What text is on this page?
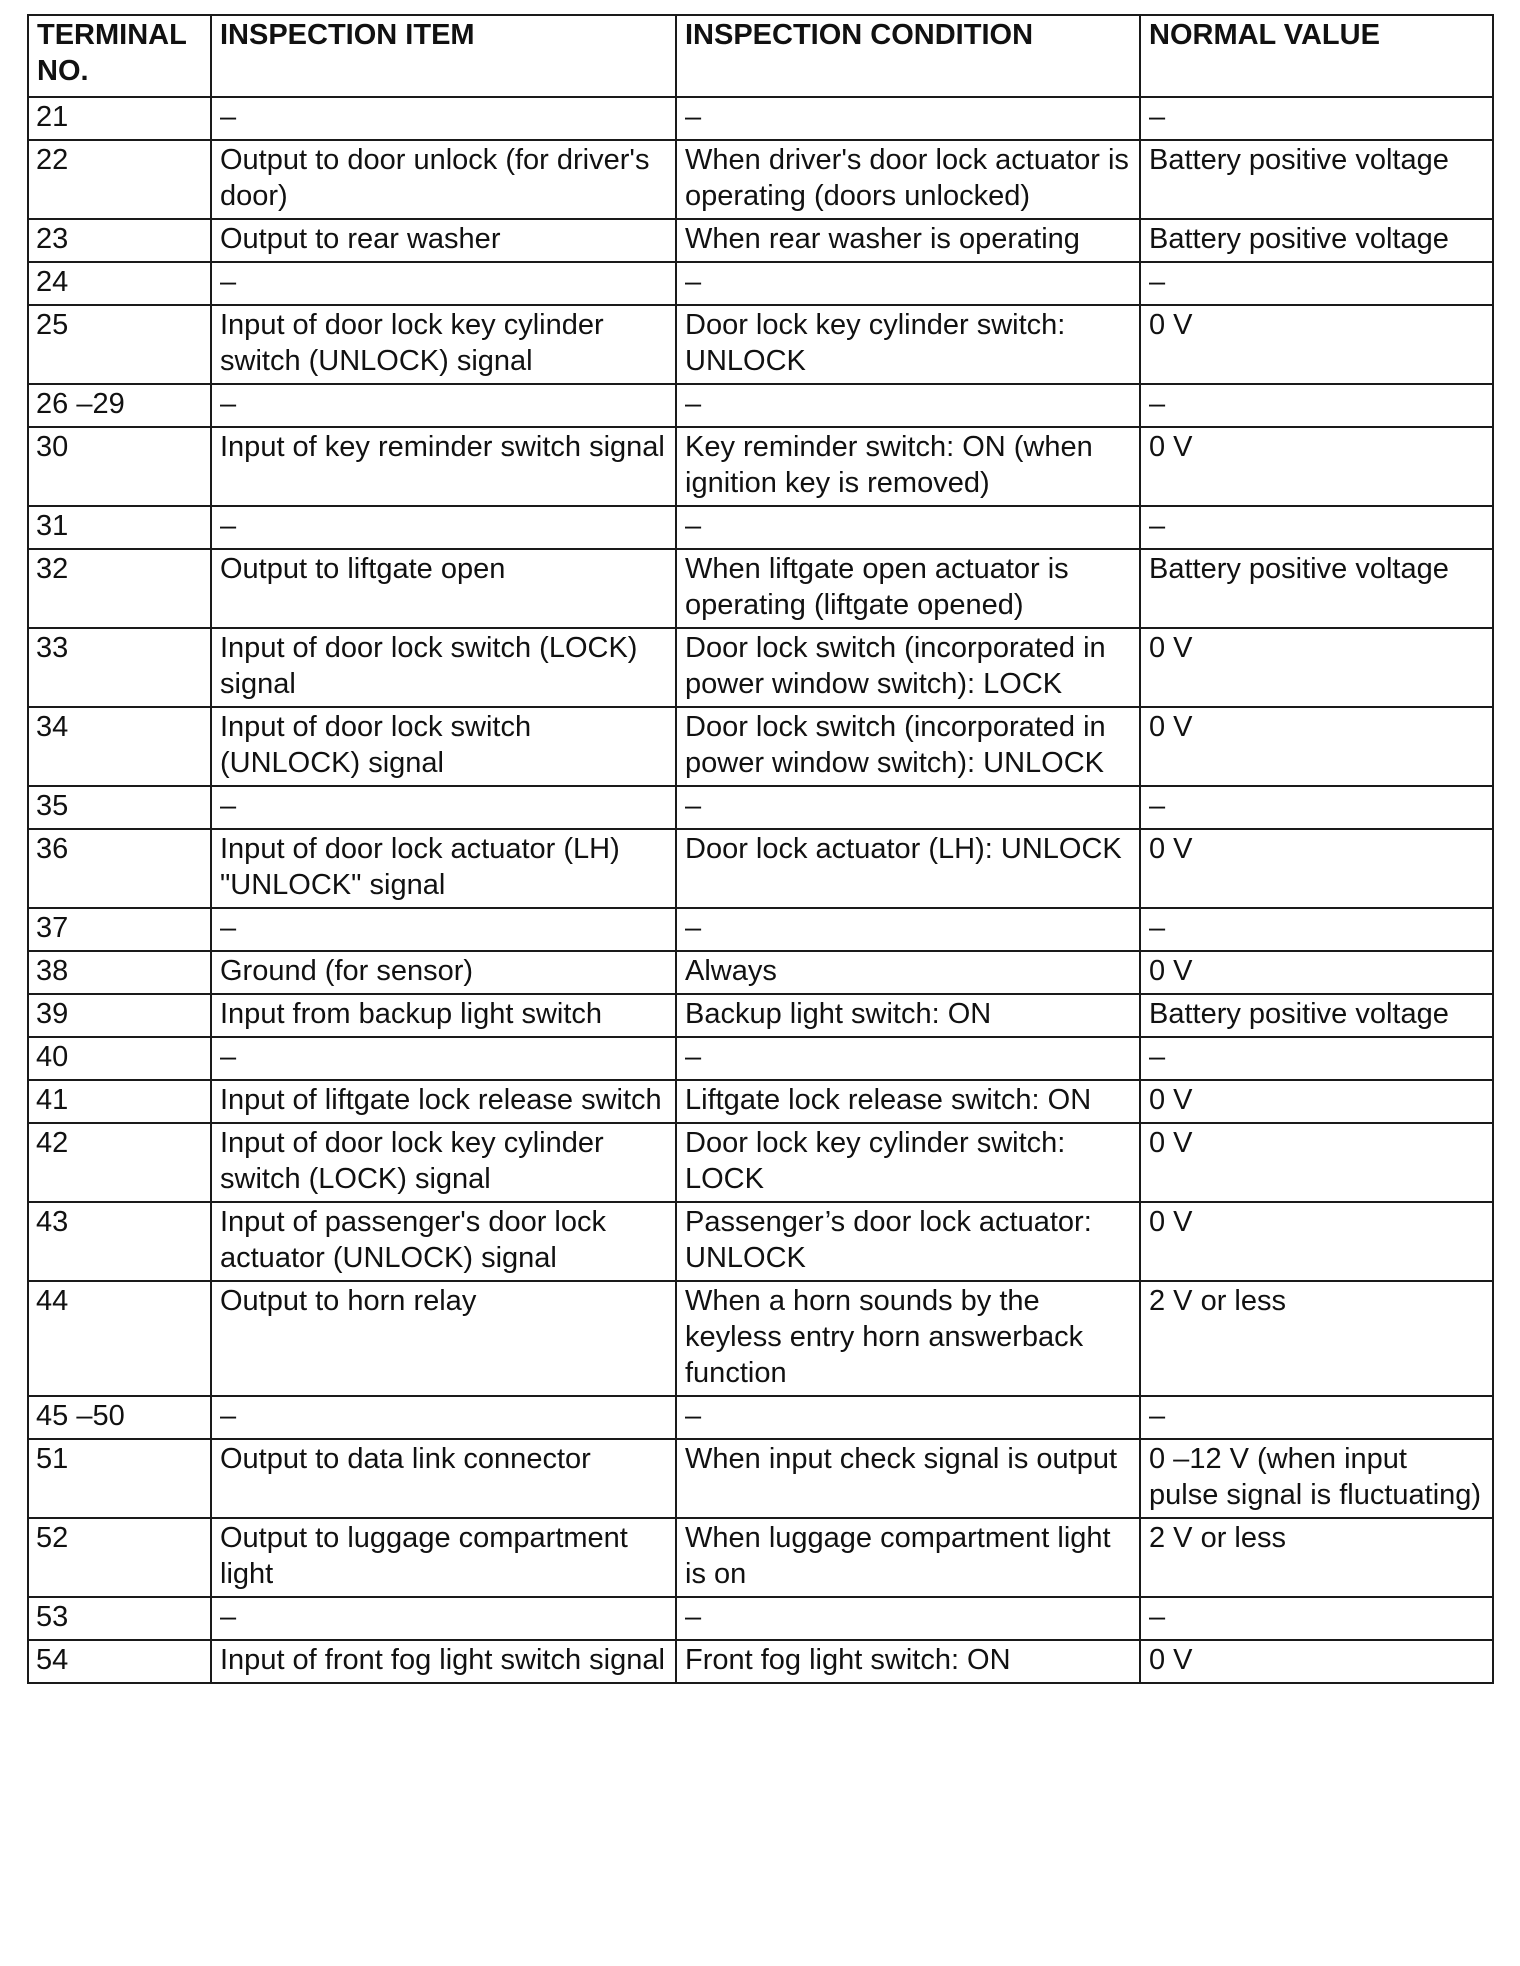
TERMINAL NO.	INSPECTION ITEM	INSPECTION CONDITION	NORMAL VALUE
21	–	–	–
22	Output to door unlock (for driver's door)	When driver's door lock actuator is operating (doors unlocked)	Battery positive voltage
23	Output to rear washer	When rear washer is operating	Battery positive voltage
24	–	–	–
25	Input of door lock key cylinder switch (UNLOCK) signal	Door lock key cylinder switch: UNLOCK	0 V
26 –29	–	–	–
30	Input of key reminder switch signal	Key reminder switch: ON (when ignition key is removed)	0 V
31	–	–	–
32	Output to liftgate open	When liftgate open actuator is operating (liftgate opened)	Battery positive voltage
33	Input of door lock switch (LOCK) signal	Door lock switch (incorporated in power window switch): LOCK	0 V
34	Input of door lock switch (UNLOCK) signal	Door lock switch (incorporated in power window switch): UNLOCK	0 V
35	–	–	–
36	Input of door lock actuator (LH) "UNLOCK" signal	Door lock actuator (LH): UNLOCK	0 V
37	–	–	–
38	Ground (for sensor)	Always	0 V
39	Input from backup light switch	Backup light switch: ON	Battery positive voltage
40	–	–	–
41	Input of liftgate lock release switch	Liftgate lock release switch: ON	0 V
42	Input of door lock key cylinder switch (LOCK) signal	Door lock key cylinder switch: LOCK	0 V
43	Input of passenger's door lock actuator (UNLOCK) signal	Passenger’s door lock actuator: UNLOCK	0 V
44	Output to horn relay	When a horn sounds by the keyless entry horn answerback function	2 V or less
45 –50	–	–	–
51	Output to data link connector	When input check signal is output	0 –12 V (when input pulse signal is fluctuating)
52	Output to luggage compartment light	When luggage compartment light is on	2 V or less
53	–	–	–
54	Input of front fog light switch signal	Front fog light switch: ON	0 V
